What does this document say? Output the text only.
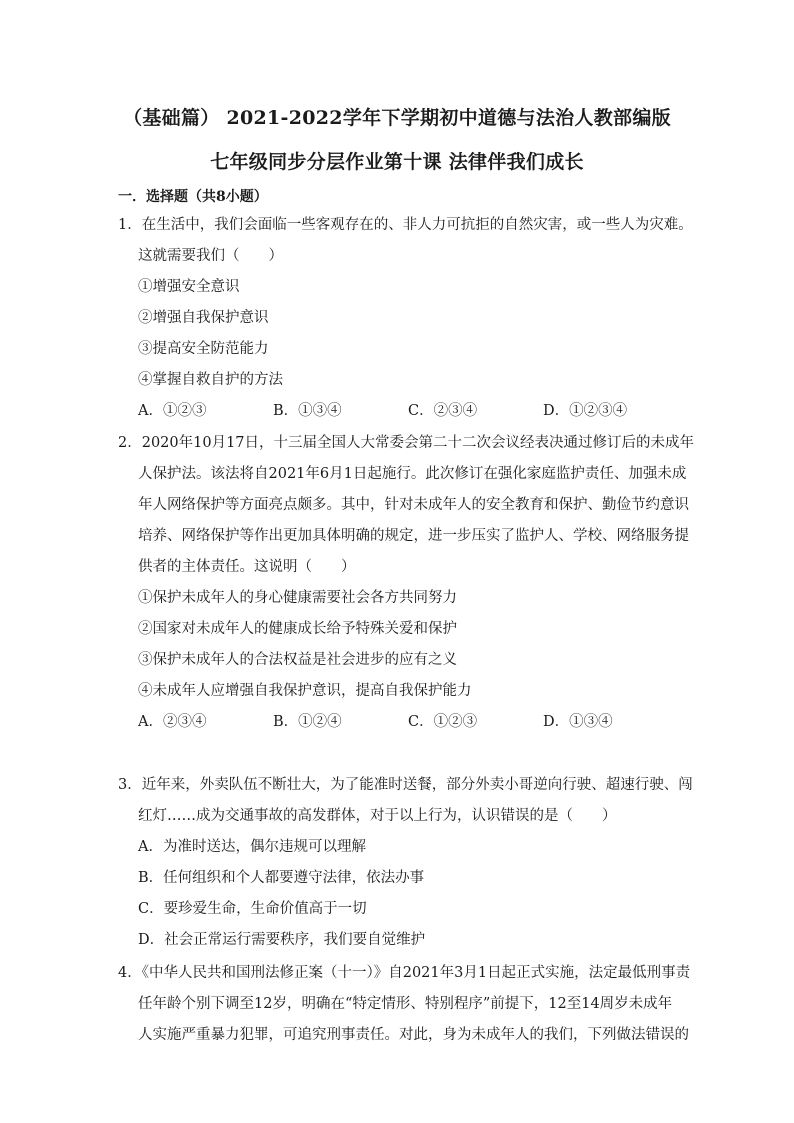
（基础篇） 2021-2022学年下学期初中道德与法治人教部编版
七年级同步分层作业第十课 法律伴我们成长
一．选择题（共8小题）
1．在生活中，我们会面临一些客观存在的、非人力可抗拒的自然灾害，或一些人为灾难。
这就需要我们（　　）
①增强安全意识
②增强自我保护意识
③提高安全防范能力
④掌握自救自护的方法
A．①②③	B．①③④	C．②③④	D．①②③④
2．2020年10月17日，十三届全国人大常委会第二十二次会议经表决通过修订后的未成年
人保护法。该法将自2021年6月1日起施行。此次修订在强化家庭监护责任、加强未成
年人网络保护等方面亮点颇多。其中，针对未成年人的安全教育和保护、勤俭节约意识
培养、网络保护等作出更加具体明确的规定，进一步压实了监护人、学校、网络服务提
供者的主体责任。这说明（　　）
①保护未成年人的身心健康需要社会各方共同努力
②国家对未成年人的健康成长给予特殊关爱和保护
③保护未成年人的合法权益是社会进步的应有之义
④未成年人应增强自我保护意识，提高自我保护能力
A．②③④	B．①②④	C．①②③	D．①③④
3．近年来，外卖队伍不断壮大，为了能准时送餐，部分外卖小哥逆向行驶、超速行驶、闯
红灯……成为交通事故的高发群体，对于以上行为，认识错误的是（　　）
A．为准时送达，偶尔违规可以理解
B．任何组织和个人都要遵守法律，依法办事
C．要珍爱生命，生命价值高于一切
D．社会正常运行需要秩序，我们要自觉维护
4．《中华人民共和国刑法修正案（十一）》自2021年3月1日起正式实施，法定最低刑事责
任年龄个别下调至12岁，明确在“特定情形、特别程序”前提下，12至14周岁未成年
人实施严重暴力犯罪，可追究刑事责任。对此，身为未成年人的我们，下列做法错误的
